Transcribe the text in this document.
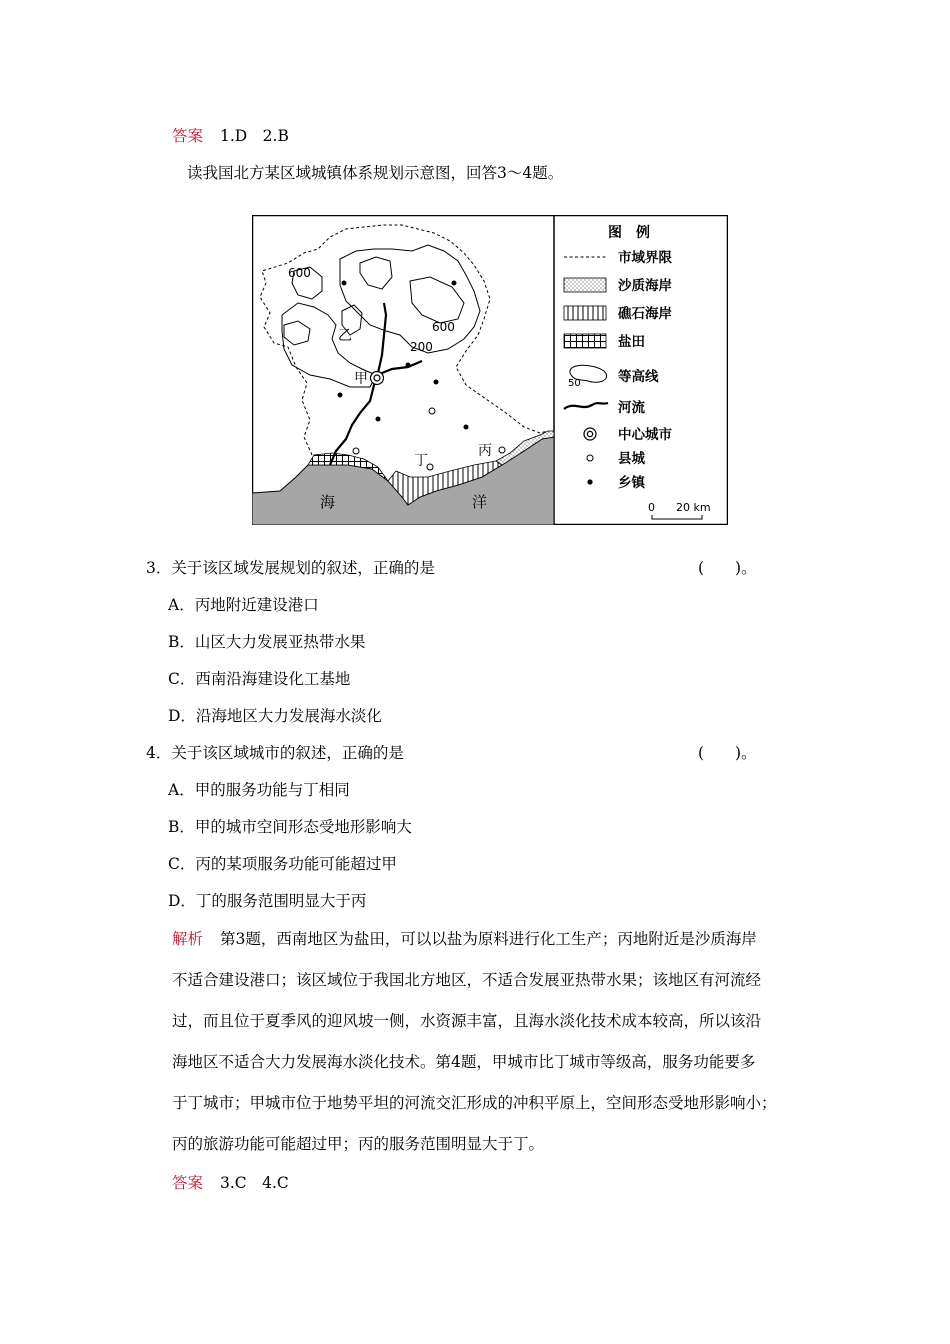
答案 1.D　2.B
读我国北方某区域城镇体系规划示意图，回答3～4题。
600
600
200
甲
乙
丁
丙
海	洋
图　例
市域界限
沙质海岸
礁石海岸
盐田
50	等高线
河流
中心城市
县城
乡镇
0 20 km
3．关于该区域发展规划的叙述，正确的是	(　　)。
A．丙地附近建设港口
B．山区大力发展亚热带水果
C．西南沿海建设化工基地
D．沿海地区大力发展海水淡化
4．关于该区域城市的叙述，正确的是	(　　)。
A．甲的服务功能与丁相同
B．甲的城市空间形态受地形影响大
C．丙的某项服务功能可能超过甲
D．丁的服务范围明显大于丙
解析 第3题，西南地区为盐田，可以以盐为原料进行化工生产；丙地附近是沙质海岸
不适合建设港口；该区域位于我国北方地区，不适合发展亚热带水果；该地区有河流经
过，而且位于夏季风的迎风坡一侧，水资源丰富，且海水淡化技术成本较高，所以该沿
海地区不适合大力发展海水淡化技术。第4题，甲城市比丁城市等级高，服务功能要多
于丁城市；甲城市位于地势平坦的河流交汇形成的冲积平原上，空间形态受地形影响小；
丙的旅游功能可能超过甲；丙的服务范围明显大于丁。
答案 3.C　4.C
